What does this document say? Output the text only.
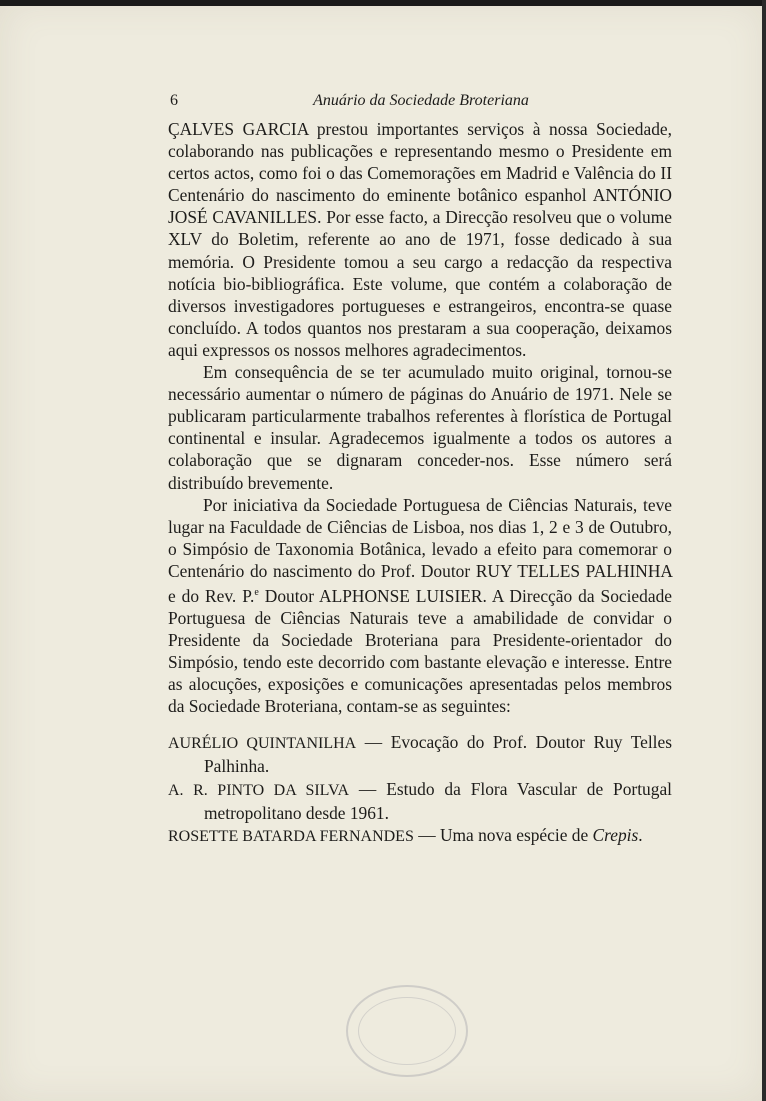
6	Anuário da Sociedade Broteriana

ÇALVES GARCIA prestou importantes serviços à nossa Sociedade, colaborando nas publicações e representando mesmo o Presidente em certos actos, como foi o das Comemorações em Madrid e Valência do II Centenário do nascimento do eminente botânico espanhol ANTÓNIO JOSÉ CAVANILLES. Por esse facto, a Direcção resolveu que o volume XLV do Boletim, referente ao ano de 1971, fosse dedicado à sua memória. O Presidente tomou a seu cargo a redacção da respectiva notícia bio-bibliográfica. Este volume, que contém a colaboração de diversos investigadores portugueses e estrangeiros, encontra-se quase concluído. A todos quantos nos prestaram a sua cooperação, deixamos aqui expressos os nossos melhores agradecimentos.

Em consequência de se ter acumulado muito original, tornou-se necessário aumentar o número de páginas do Anuário de 1971. Nele se publicaram particularmente trabalhos referentes à florística de Portugal continental e insular. Agradecemos igualmente a todos os autores a colaboração que se dignaram conceder-nos. Esse número será distribuído brevemente.

Por iniciativa da Sociedade Portuguesa de Ciências Naturais, teve lugar na Faculdade de Ciências de Lisboa, nos dias 1, 2 e 3 de Outubro, o Simpósio de Taxonomia Botânica, levado a efeito para comemorar o Centenário do nascimento do Prof. Doutor RUY TELLES PALHINHA e do Rev. P.$^e$ Doutor ALPHONSE LUISIER. A Direcção da Sociedade Portuguesa de Ciências Naturais teve a amabilidade de convidar o Presidente da Sociedade Broteriana para Presidente-orientador do Simpósio, tendo este decorrido com bastante elevação e interesse. Entre as alocuções, exposições e comunicações apresentadas pelos membros da Sociedade Broteriana, contam-se as seguintes:

AURÉLIO QUINTANILHA — Evocação do Prof. Doutor Ruy Telles Palhinha.

A. R. PINTO DA SILVA — Estudo da Flora Vascular de Portugal metropolitano desde 1961.

ROSETTE BATARDA FERNANDES — Uma nova espécie de Crepis.
